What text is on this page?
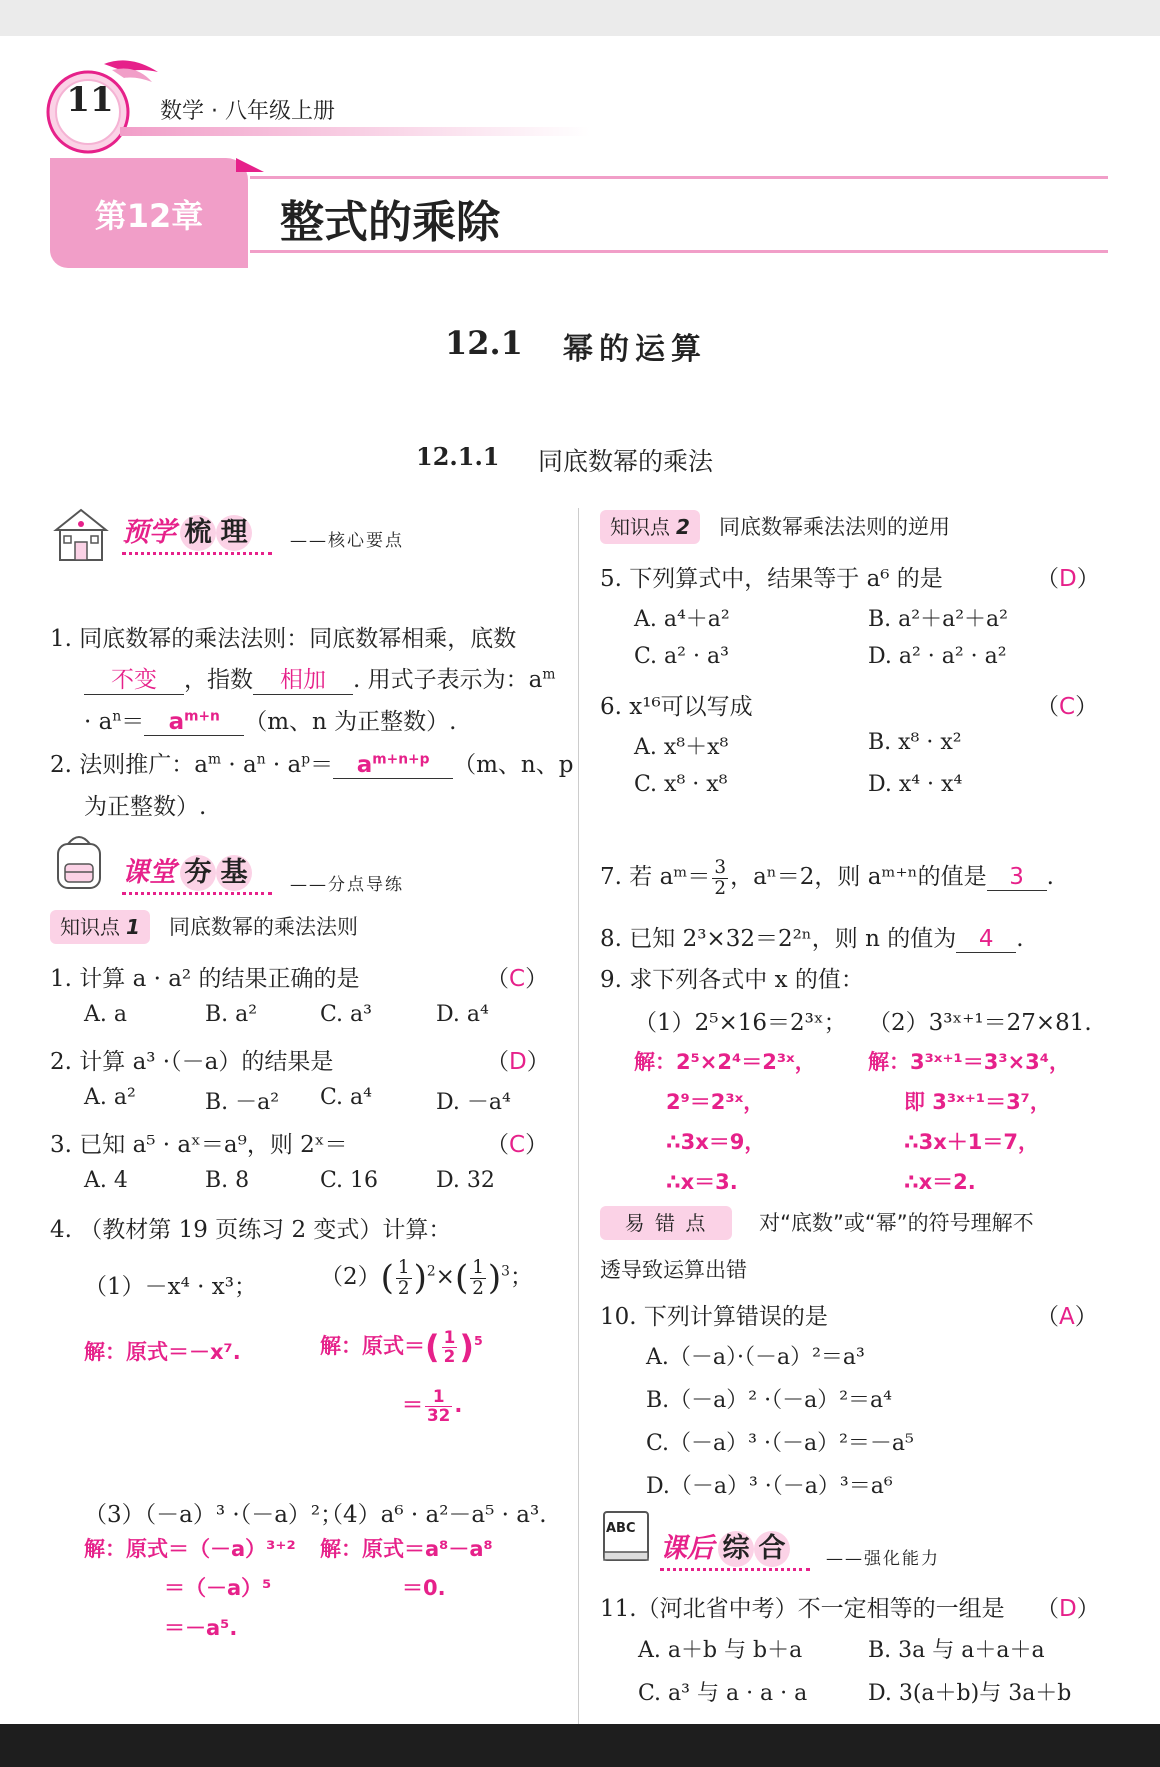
11 数学 · 八年级上册
第12章	整式的乘除
12.1 幂的运算
12.1.1 同底数幂的乘法
预学 梳 理	——核心要点
1. 同底数幂的乘法法则：同底数幂相乘，底数
不变 ，指数 相加 . 用式子表示为：$a^m$
· $a^n= a^{m+n}$ （m、n 为正整数）.
2. 法则推广：$a^m \cdot a^n \cdot a^p= a^{m+n+p}$ （m、n、p
为正整数）.
课堂 夯 基	——分点导练
知识点 1 同底数幂的乘法法则
1. 计算 a · a² 的结果正确的是	（C）
A. a	B. a²	C. a³	D. a⁴
2. 计算 a³ ·（－a）的结果是	（D）
A. a²	B. －a² C. a⁴	D. －a⁴
3. 已知 a⁵ · aˣ＝a⁹，则 2ˣ＝	（C）
A. 4	B. 8	C. 16	D. 32
4. （教材第 19 页练习 2 变式）计算：
（1）－x⁴ · x³；	$(2)( \frac{1}{2} )^2\times( \frac{1}{2} )^3$；
解：原式＝－x⁷.	解：原式＝( $\frac{1}{2} )^5$
＝ $\frac{1}{32}$ .
（3）（－a）³ ·（－a）²；
（4）a⁶ · a²－a⁵ · a³.
解：原式＝（－a）³⁺²
＝（－a）⁵
＝－a⁵.
解：原式＝a⁸－a⁸
＝0.
知识点 2 同底数幂乘法法则的逆用
5. 下列算式中，结果等于 a⁶ 的是	（D）
A. a⁴＋a²	B. a²＋a²＋a²
C. a² · a³	D. a² · a² · a²
6. x¹⁶可以写成	（C）
A. x⁸＋x⁸	B. x⁸ · x²
C. x⁸ · x⁸	D. x⁴ · x⁴
7. 若 aᵐ＝ $\frac{3}{2}$ ，aⁿ＝2，则 aᵐ⁺ⁿ的值是 3 .
8. 已知 2³×32＝2²ⁿ，则 n 的值为 4 .
9. 求下列各式中 x 的值：
（1）2⁵×16＝2³ˣ； （2）3³ˣ⁺¹＝27×81.
解：2⁵×2⁴＝2³ˣ，
2⁹＝2³ˣ，
∴3x＝9，
∴x＝3.
解：3³ˣ⁺¹＝3³×3⁴，
即 3³ˣ⁺¹＝3⁷，
∴3x＋1＝7，
∴x＝2.
易 错 点 对“底数”或“幂”的符号理解不
透导致运算出错
10. 下列计算错误的是	（A）
A.（－a）·（－a）²＝a³
B.（－a）² ·（－a）²＝a⁴
C.（－a）³ ·（－a）²＝－a⁵
D.（－a）³ ·（－a）³＝a⁶
ABC
课后 综 合 ——强化能力
11.（河北省中考）不一定相等的一组是 （D）
A. a＋b 与 b＋a	B. 3a 与 a＋a＋a
C. a³ 与 a · a · a	D. 3(a＋b)与 3a＋b
